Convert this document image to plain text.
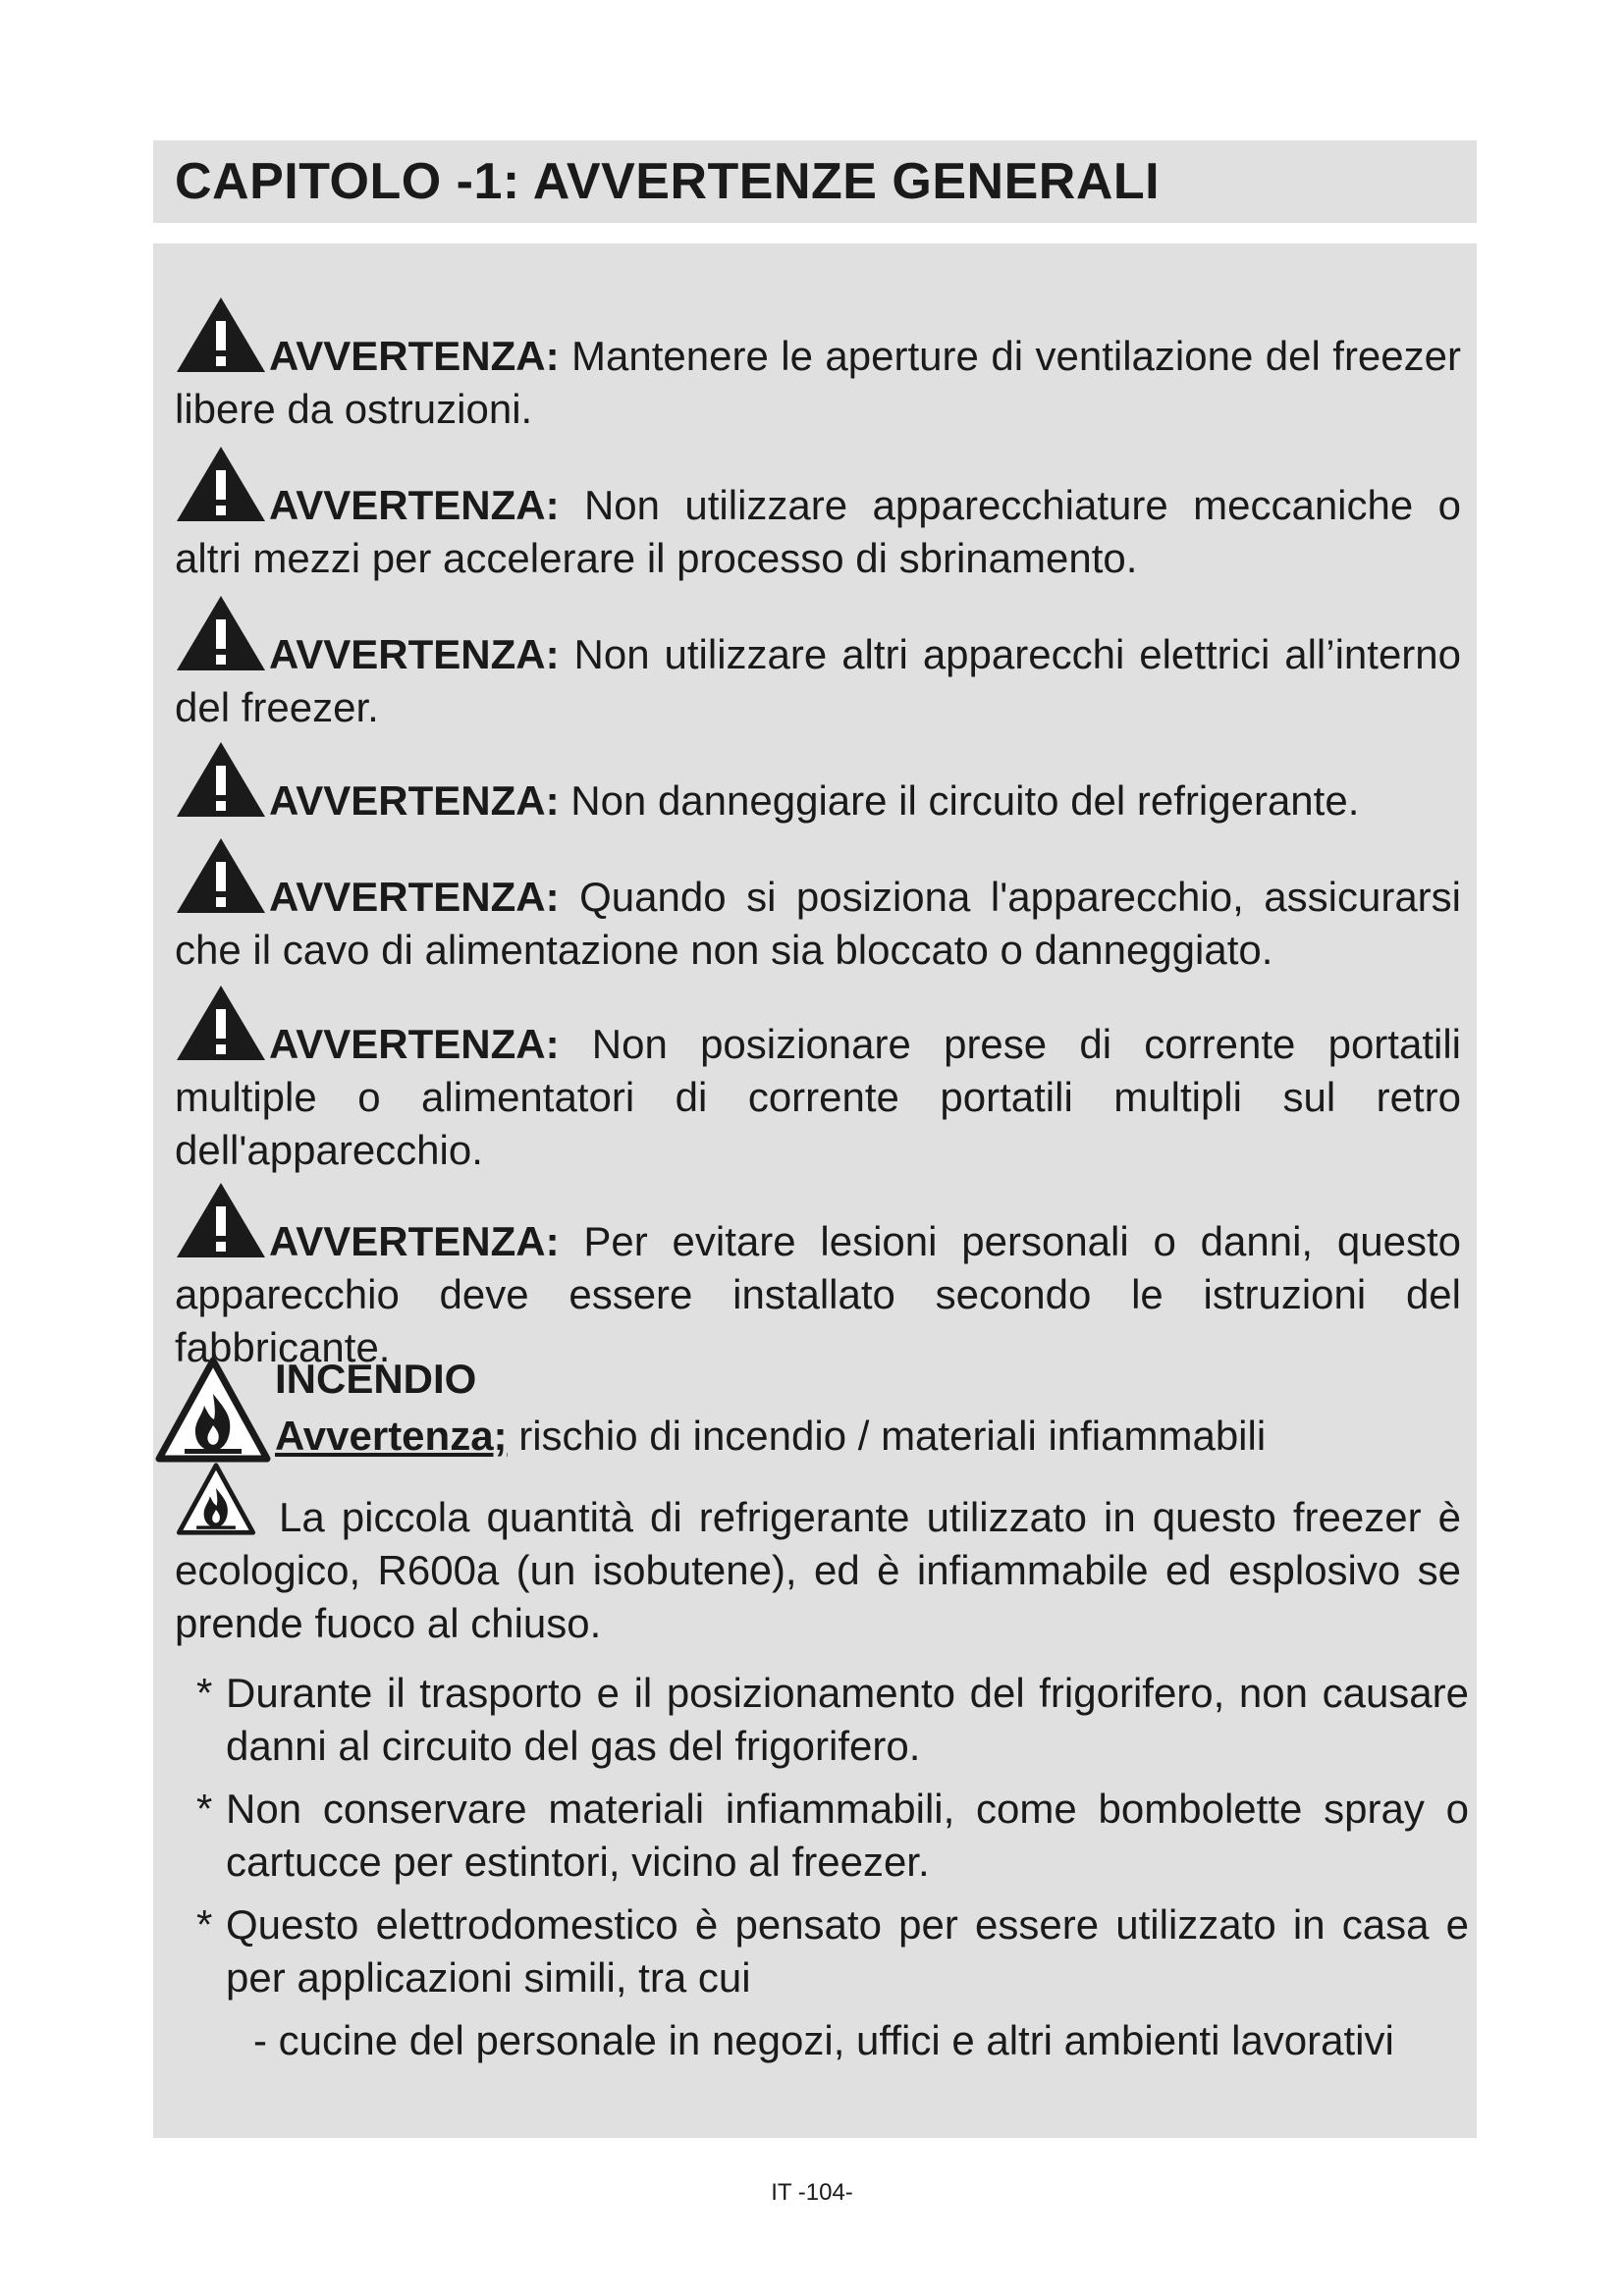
CAPITOLO -1: AVVERTENZE GENERALI
AVVERTENZA: Mantenere le aperture di ventilazione del freezer libere da ostruzioni.
AVVERTENZA: Non utilizzare apparecchiature meccaniche o altri mezzi per accelerare il processo di sbrinamento.
AVVERTENZA: Non utilizzare altri apparecchi elettrici all’interno del freezer.
AVVERTENZA: Non danneggiare il circuito del refrigerante.
AVVERTENZA: Quando si posiziona l'apparecchio, assicurarsi che il cavo di alimentazione non sia bloccato o danneggiato.
AVVERTENZA: Non posizionare prese di corrente portatili multiple o alimentatori di corrente portatili multipli sul retro dell'apparecchio.
AVVERTENZA: Per evitare lesioni personali o danni, questo apparecchio deve essere installato secondo le istruzioni del fabbricante.
INCENDIO
Avvertenza; rischio di incendio / materiali infiammabili
La piccola quantità di refrigerante utilizzato in questo freezer è ecologico, R600a (un isobutene), ed è infiammabile ed esplosivo se prende fuoco al chiuso.
* Durante il trasporto e il posizionamento del frigorifero, non causare danni al circuito del gas del frigorifero.
* Non conservare materiali infiammabili, come bombolette spray o cartucce per estintori, vicino al freezer.
* Questo elettrodomestico è pensato per essere utilizzato in casa e per applicazioni simili, tra cui
- cucine del personale in negozi, uffici e altri ambienti lavorativi
IT -104-
